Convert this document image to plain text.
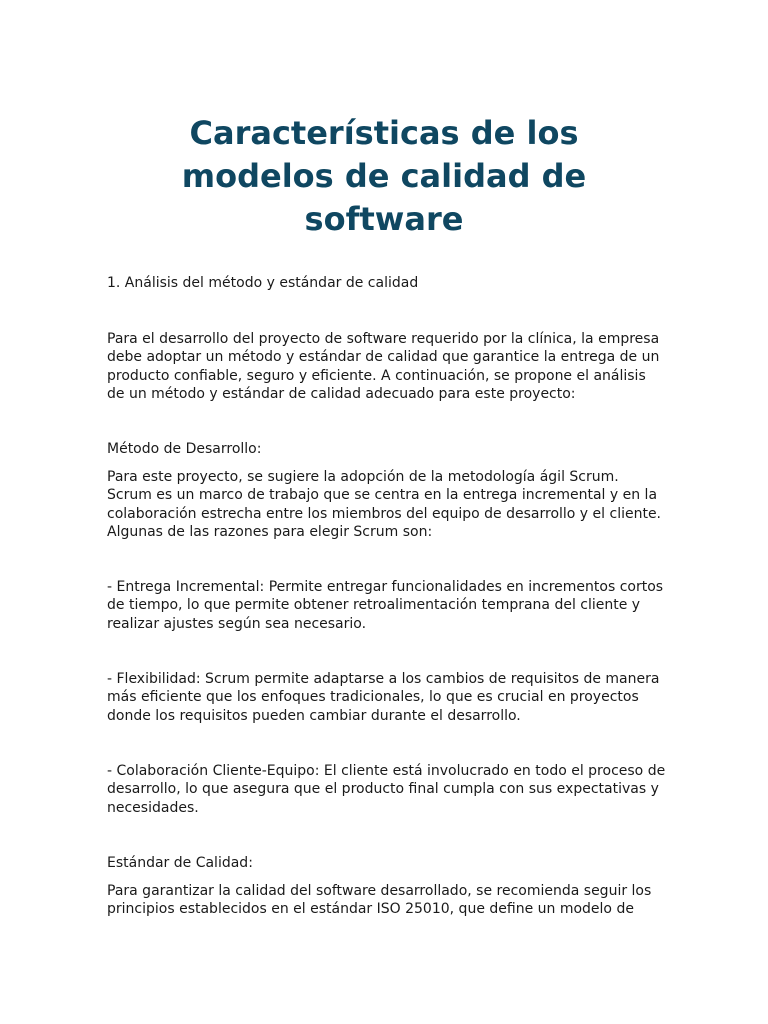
Características de los modelos de calidad de software

1. Análisis del método y estándar de calidad

Para el desarrollo del proyecto de software requerido por la clínica, la empresa debe adoptar un método y estándar de calidad que garantice la entrega de un producto confiable, seguro y eficiente. A continuación, se propone el análisis de un método y estándar de calidad adecuado para este proyecto:

Método de Desarrollo:

Para este proyecto, se sugiere la adopción de la metodología ágil Scrum. Scrum es un marco de trabajo que se centra en la entrega incremental y en la colaboración estrecha entre los miembros del equipo de desarrollo y el cliente. Algunas de las razones para elegir Scrum son:

- Entrega Incremental: Permite entregar funcionalidades en incrementos cortos de tiempo, lo que permite obtener retroalimentación temprana del cliente y realizar ajustes según sea necesario.

- Flexibilidad: Scrum permite adaptarse a los cambios de requisitos de manera más eficiente que los enfoques tradicionales, lo que es crucial en proyectos donde los requisitos pueden cambiar durante el desarrollo.

- Colaboración Cliente-Equipo: El cliente está involucrado en todo el proceso de desarrollo, lo que asegura que el producto final cumpla con sus expectativas y necesidades.

Estándar de Calidad:

Para garantizar la calidad del software desarrollado, se recomienda seguir los principios establecidos en el estándar ISO 25010, que define un modelo de
